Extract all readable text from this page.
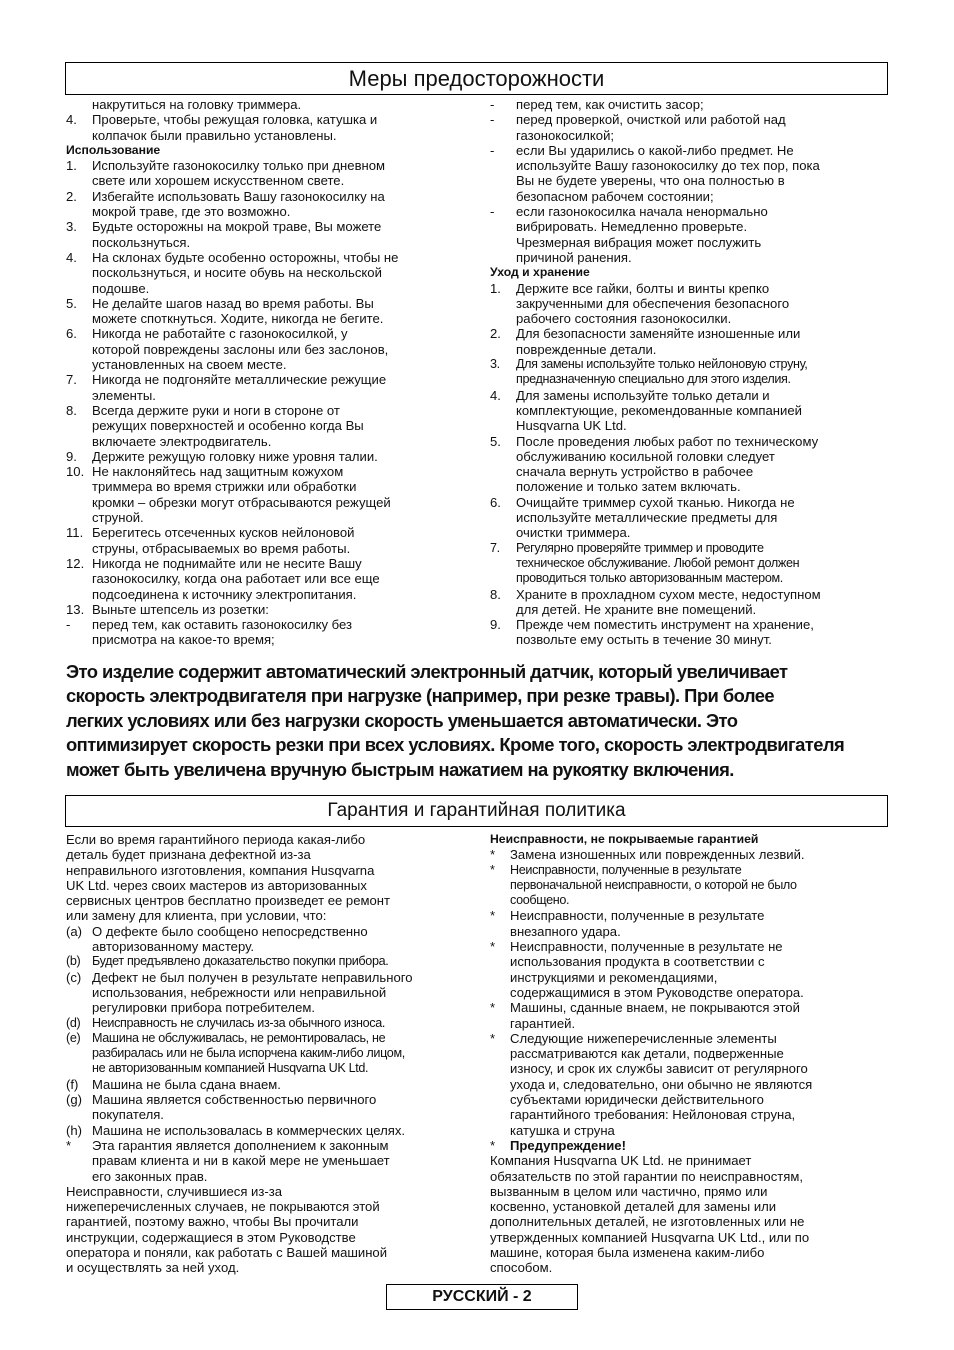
Меры предосторожности
накрутиться на головку триммера.
4.	Проверьте, чтобы режущая головка, катушка и
колпачок были правильно установлены.
Использование
1.	Используйте газонокосилку только при дневном
свете или хорошем искусственном свете.
2.	Избегайте использовать Вашу газонокосилку на
мокрой траве, где это возможно.
3.	Будьте осторожны на мокрой траве, Вы можете
поскользнуться.
4.	На склонах будьте особенно осторожны, чтобы не
поскользнуться, и носите обувь на нескольской
подошве.
5.	Не делайте шагов назад во время работы. Вы
можете споткнуться. Ходите, никогда не бегите.
6.	Никогда не работайте с газонокосилкой, у
которой повреждены заслоны или без заслонов,
установленных на своем месте.
7.	Никогда не подгоняйте металлические режущие
элементы.
8.	Всегда держите руки и ноги в стороне от
режущих поверхностей и особенно когда Вы
включаете электродвигатель.
9.	Держите режущую головку ниже уровня талии.
10. Не наклоняйтесь над защитным кожухом
триммера во время стрижки или обработки
кромки – обрезки могут отбрасываются режущей
струной.
11. Берегитесь отсеченных кусков нейлоновой
струны, отбрасываемых во время работы.
12. Никогда не поднимайте или не несите Вашу
газонокосилку, когда она работает или все еще
подсоединена к источнику электропитания.
13. Выньте штепсель из розетки:
-	перед тем, как оставить газонокосилку без
присмотра на какое-то время;
-	перед тем, как очистить засор;
-	перед проверкой, очисткой или работой над
газонокосилкой;
-	если Вы ударились о какой-либо предмет. Не
используйте Вашу газонокосилку до тех пор, пока
Вы не будете уверены, что она полностью в
безопасном рабочем состоянии;
-	если газонокосилка начала ненормально
вибрировать. Немедленно проверьте.
Чрезмерная вибрация может послужить
причиной ранения.
Уход и хранение
1.	Держите все гайки, болты и винты крепко
закрученными для обеспечения безопасного
рабочего состояния газонокосилки.
2.	Для безопасности заменяйте изношенные или
поврежденные детали.
3.	Для замены используйте только нейлоновую струну,
предназначенную специально для этого изделия.
4.	Для замены используйте только детали и
комплектующие, рекомендованные компанией
Husqvarna UK Ltd.
5.	После проведения любых работ по техническому
обслуживанию косильной головки следует
сначала вернуть устройство в рабочее
положение и только затем включать.
6.	Очищайте триммер сухой тканью. Никогда не
используйте металлические предметы для
очистки триммера.
7.	Регулярно проверяйте триммер и проводите
техническое обслуживание. Любой ремонт должен
проводиться только авторизованным мастером.
8.	Храните в прохладном сухом месте, недоступном
для детей. Не храните вне помещений.
9.	Прежде чем поместить инструмент на хранение,
позвольте ему остыть в течение 30 минут.
Это изделие содержит автоматический электронный датчик, который увеличивает
скорость электродвигателя при нагрузке (например, при резке травы). При более
легких условиях или без нагрузки скорость уменьшается автоматически. Это
оптимизирует скорость резки при всех условиях. Кроме того, скорость электродвигателя
может быть увеличена вручную быстрым нажатием на рукоятку включения.
Гарантия и гарантийная политика
Если во время гарантийного периода какая-либо
деталь будет признана дефектной из-за
неправильного изготовления, компания Husqvarna
UK Ltd. через своих мастеров из авторизованных
сервисных центров бесплатно произведет ее ремонт
или замену для клиента, при условии, что:
(a) О дефекте было сообщено непосредственно
авторизованному мастеру.
(b) Будет предъявлено доказательство покупки прибора.
(c) Дефект не был получен в результате неправильного
использования, небрежности или неправильной
регулировки прибора потребителем.
(d) Неисправность не случилась из-за обычного износа.
(e) Машина не обслуживалась, не ремонтировалась, не
разбиралась или не была испорчена каким-либо лицом,
не авторизованным компанией Husqvarna UK Ltd.
(f)	Машина не была сдана внаем.
(g) Машина является собственностью первичного
покупателя.
(h) Машина не использовалась в коммерческих целях.
*	Эта гарантия является дополнением к законным
правам клиента и ни в какой мере не уменьшает
его законных прав.
Неисправности, случившиеся из-за
нижеперечисленных случаев, не покрываются этой
гарантией, поэтому важно, чтобы Вы прочитали
инструкции, содержащиеся в этом Руководстве
оператора и поняли, как работать с Вашей машиной
и осуществлять за ней уход.
Неисправности, не покрываемые гарантией
*	Замена изношенных или поврежденных лезвий.
*	Неисправности, полученные в результате
первоначальной неисправности, о которой не было
сообщено.
*	Неисправности, полученные в результате
внезапного удара.
*	Неисправности, полученные в результате не
использования продукта в соответствии с
инструкциями и рекомендациями,
содержащимися в этом Руководстве оператора.
*	Машины, сданные внаем, не покрываются этой
гарантией.
*	Следующие нижеперечисленные элементы
рассматриваются как детали, подверженные
износу, и срок их службы зависит от регулярного
ухода и, следовательно, они обычно не являются
субъектами юридически действительного
гарантийного требования: Нейлоновая струна,
катушка и струна
*	Предупреждение!
Компания Husqvarna UK Ltd. не принимает
обязательств по этой гарантии по неисправностям,
вызванным в целом или частично, прямо или
косвенно, установкой деталей для замены или
дополнительных деталей, не изготовленных или не
утвержденных компанией Husqvarna UK Ltd., или по
машине, которая была изменена каким-либо
способом.
РУССКИЙ - 2
